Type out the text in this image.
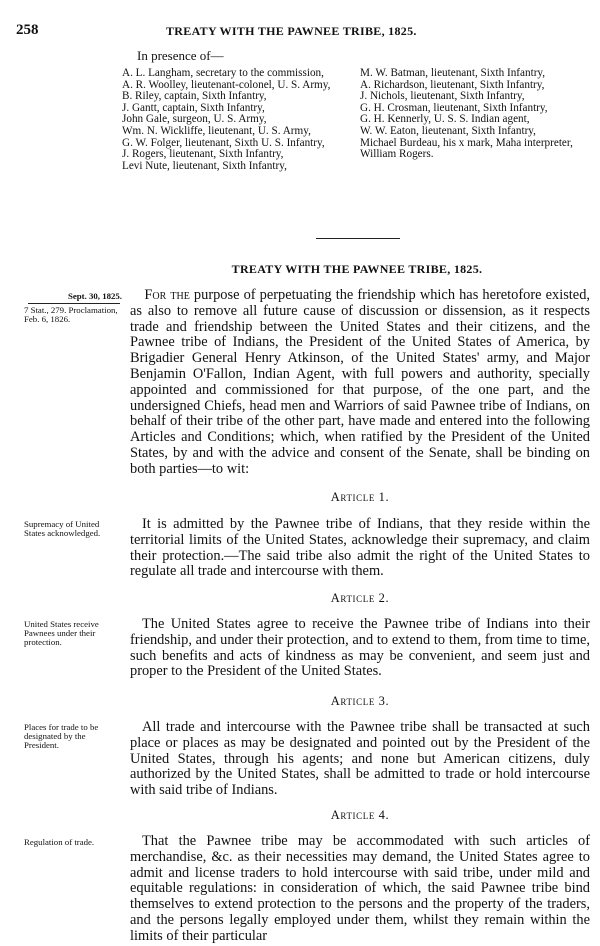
258	TREATY WITH THE PAWNEE TRIBE, 1825.
In presence of—
A. L. Langham, secretary to the commission,
A. R. Woolley, lieutenant-colonel, U. S. Army,
B. Riley, captain, Sixth Infantry,
J. Gantt, captain, Sixth Infantry,
John Gale, surgeon, U. S. Army,
Wm. N. Wickliffe, lieutenant, U. S. Army,
G. W. Folger, lieutenant, Sixth U. S. Infantry,
J. Rogers, lieutenant, Sixth Infantry,
Levi Nute, lieutenant, Sixth Infantry,
M. W. Batman, lieutenant, Sixth Infantry,
A. Richardson, lieutenant, Sixth Infantry,
J. Nichols, lieutenant, Sixth Infantry,
G. H. Crosman, lieutenant, Sixth Infantry,
G. H. Kennerly, U. S. S. Indian agent,
W. W. Eaton, lieutenant, Sixth Infantry,
Michael Burdeau, his x mark, Maha interpreter,
William Rogers.
TREATY WITH THE PAWNEE TRIBE, 1825.
Sept. 30, 1825.
7 Stat., 279. Proclamation, Feb. 6, 1826.
Supremacy of United States acknowledged.
United States receive Pawnees under their protection.
Places for trade to be designated by the President.
Regulation of trade.

 For the purpose of perpetuating the friendship which has heretofore existed, as also to remove all future cause of discussion or dissension, as it respects trade and friendship between the United States and their citizens, and the Pawnee tribe of Indians, the President of the United States of America, by Brigadier General Henry Atkinson, of the United States' army, and Major Benjamin O'Fallon, Indian Agent, with full powers and authority, specially appointed and commissioned for that purpose, of the one part, and the undersigned Chiefs, head men and Warriors of said Pawnee tribe of Indians, on behalf of their tribe of the other part, have made and entered into the following Articles and Conditions; which, when ratified by the President of the United States, by and with the advice and consent of the Senate, shall be binding on both parties—to wit:

Article 1.

It is admitted by the Pawnee tribe of Indians, that they reside within the territorial limits of the United States, acknowledge their supremacy, and claim their protection.—The said tribe also admit the right of the United States to regulate all trade and intercourse with them.

Article 2.

The United States agree to receive the Pawnee tribe of Indians into their friendship, and under their protection, and to extend to them, from time to time, such benefits and acts of kindness as may be convenient, and seem just and proper to the President of the United States.

Article 3.

All trade and intercourse with the Pawnee tribe shall be transacted at such place or places as may be designated and pointed out by the President of the United States, through his agents; and none but American citizens, duly authorized by the United States, shall be admitted to trade or hold intercourse with said tribe of Indians.

Article 4.

That the Pawnee tribe may be accommodated with such articles of merchandise, &c. as their necessities may demand, the United States agree to admit and license traders to hold intercourse with said tribe, under mild and equitable regulations: in consideration of which, the said Pawnee tribe bind themselves to extend protection to the persons and the property of the traders, and the persons legally employed under them, whilst they remain within the limits of their particular
